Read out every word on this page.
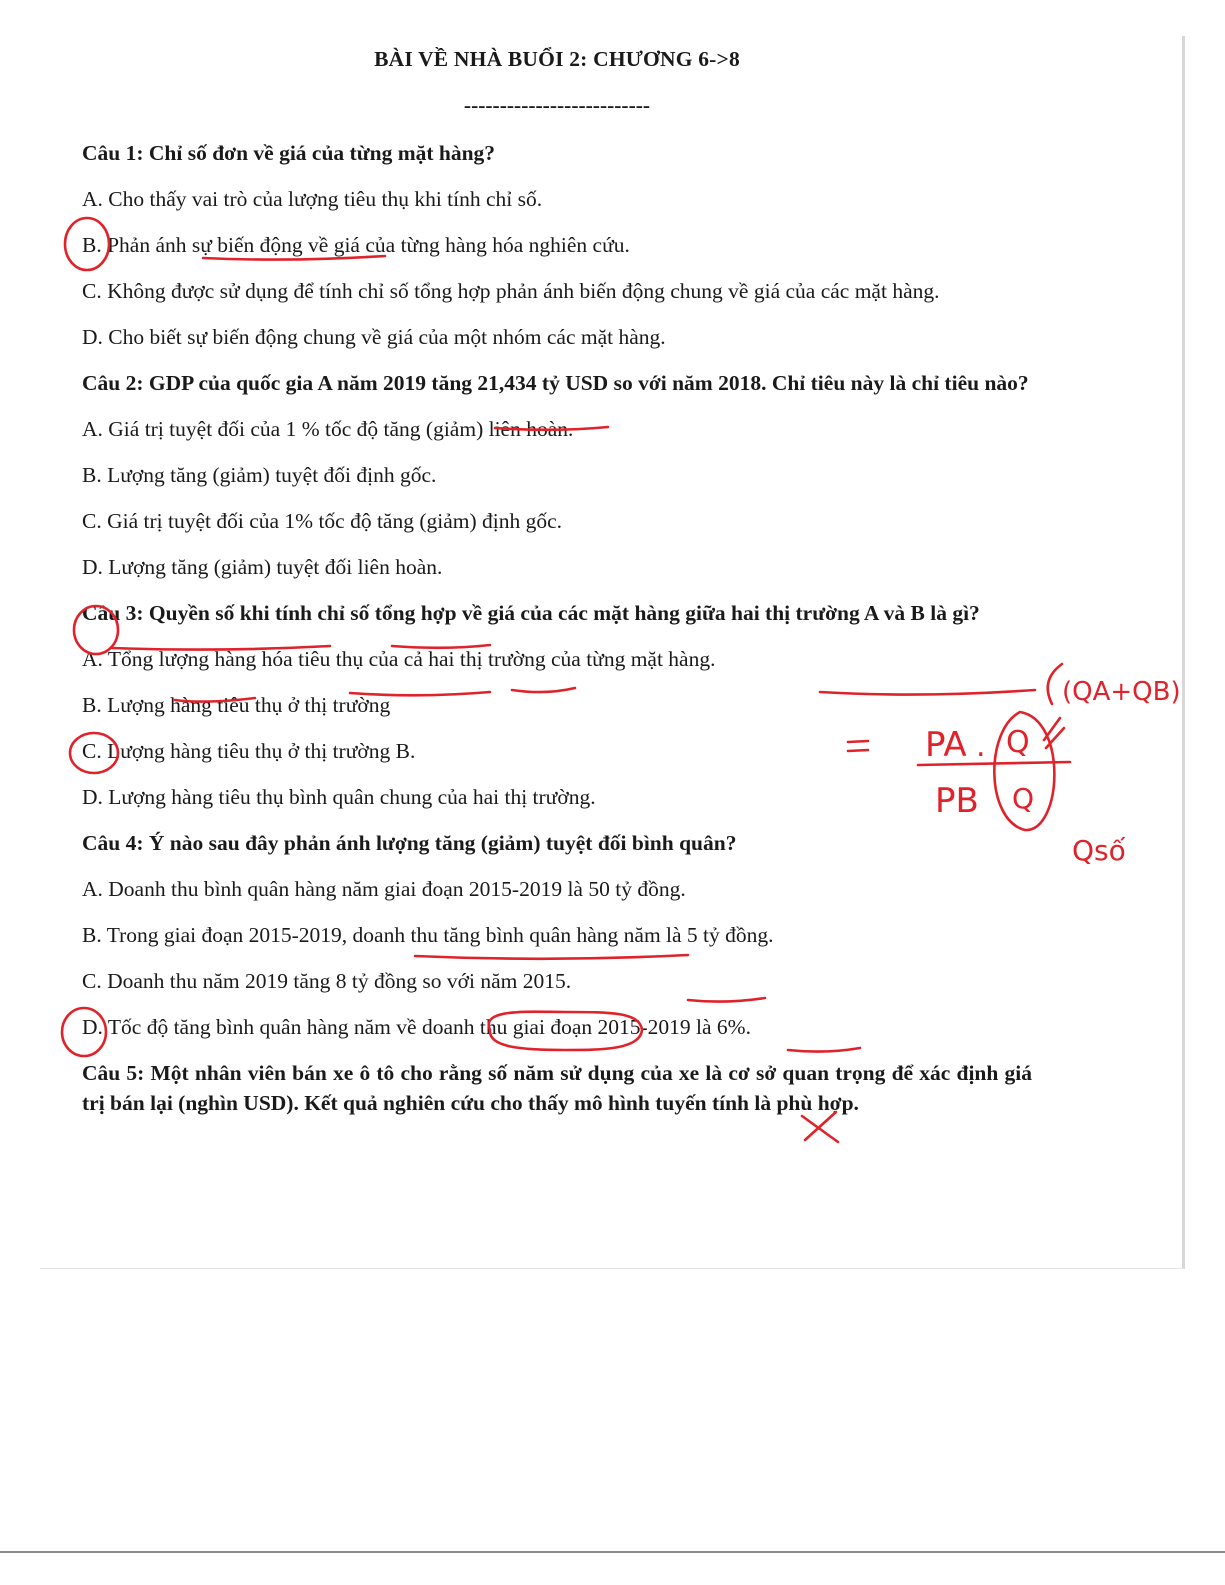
BÀI VỀ NHÀ BUỔI 2: CHƯƠNG 6->8
--------------------------

Câu 1: Chỉ số đơn về giá của từng mặt hàng?

A. Cho thấy vai trò của lượng tiêu thụ khi tính chỉ số.

B. Phản ánh sự biến động về giá của từng hàng hóa nghiên cứu.

C. Không được sử dụng để tính chỉ số tổng hợp phản ánh biến động chung về giá của các mặt hàng.

D. Cho biết sự biến động chung về giá của một nhóm các mặt hàng.

Câu 2: GDP của quốc gia A năm 2019 tăng 21,434 tỷ USD so với năm 2018. Chỉ tiêu này là chỉ tiêu nào?

A. Giá trị tuyệt đối của 1 % tốc độ tăng (giảm) liên hoàn.

B. Lượng tăng (giảm) tuyệt đối định gốc.

C. Giá trị tuyệt đối của 1% tốc độ tăng (giảm) định gốc.

D. Lượng tăng (giảm) tuyệt đối liên hoàn.

Câu 3: Quyền số khi tính chỉ số tổng hợp về giá của các mặt hàng giữa hai thị trường A và B là gì?

A. Tổng lượng hàng hóa tiêu thụ của cả hai thị trường của từng mặt hàng.

B. Lượng hàng tiêu thụ ở thị trường

C. Lượng hàng tiêu thụ ở thị trường B.

D. Lượng hàng tiêu thụ bình quân chung của hai thị trường.

Câu 4: Ý nào sau đây phản ánh lượng tăng (giảm) tuyệt đối bình quân?

A. Doanh thu bình quân hàng năm giai đoạn 2015-2019 là 50 tỷ đồng.

B. Trong giai đoạn 2015-2019, doanh thu tăng bình quân hàng năm là 5 tỷ đồng.

C. Doanh thu năm 2019 tăng 8 tỷ đồng so với năm 2015.

D. Tốc độ tăng bình quân hàng năm về doanh thu giai đoạn 2015-2019 là 6%.

Câu 5: Một nhân viên bán xe ô tô cho rằng số năm sử dụng của xe là cơ sở quan trọng để xác định giá trị bán lại (nghìn USD). Kết quả nghiên cứu cho thấy mô hình tuyến tính là phù hợp.

PA .
PB
Q
Q
(QA+QB)
Qsố
